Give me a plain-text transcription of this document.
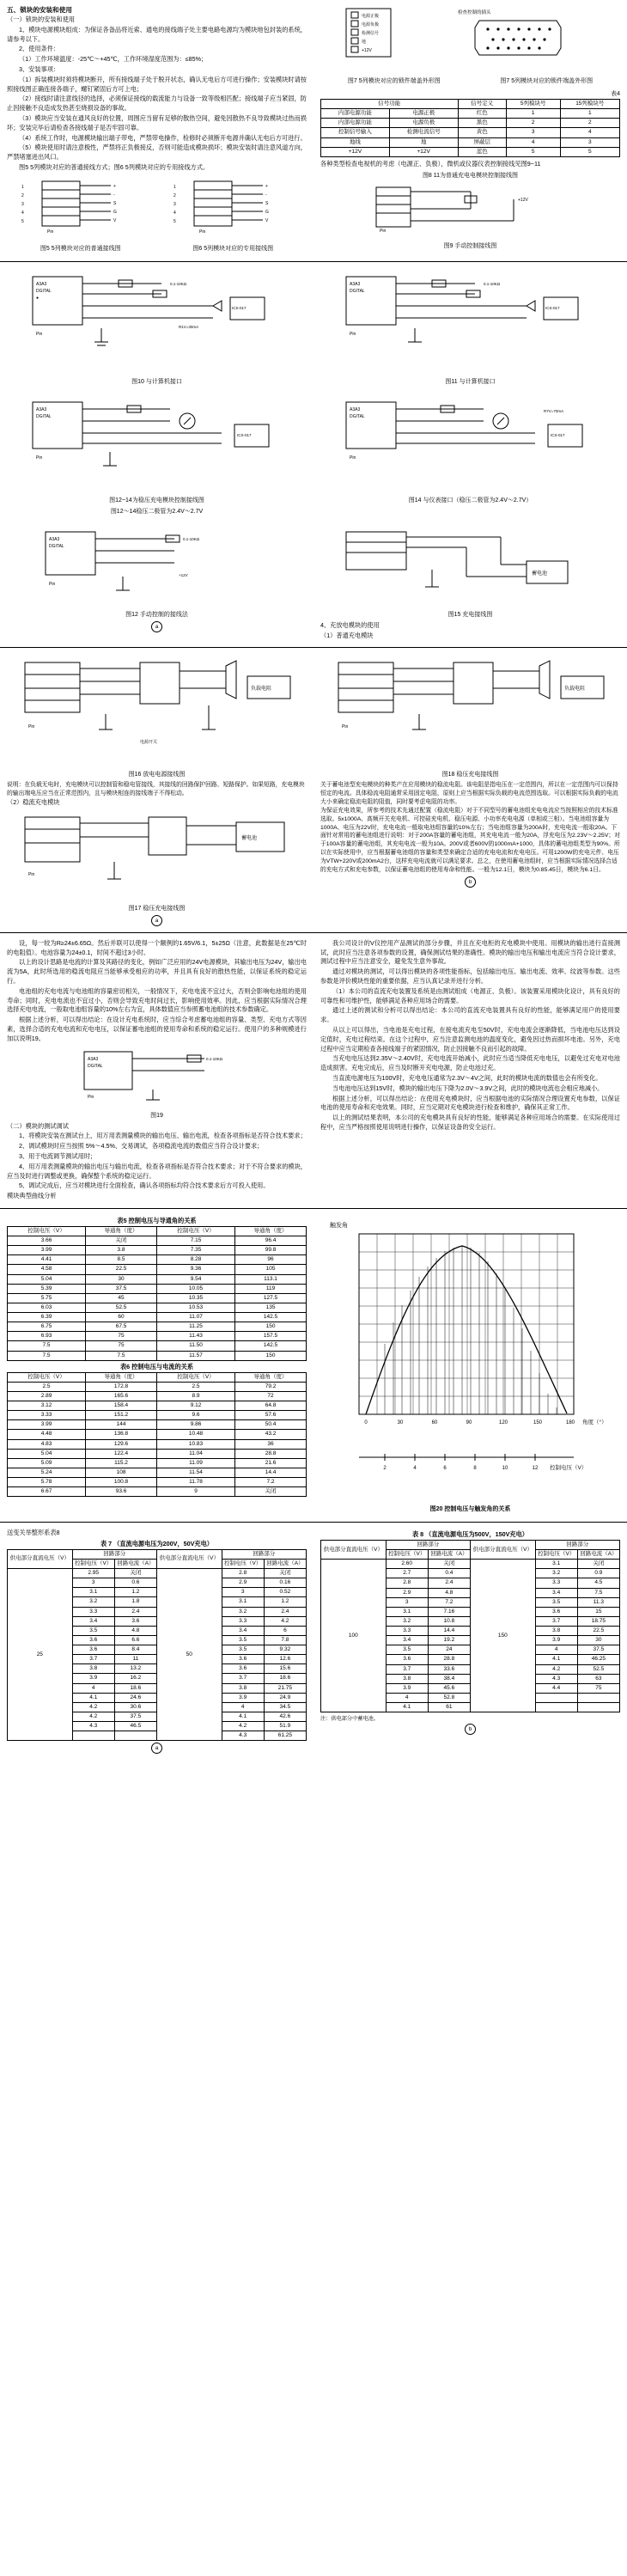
五、锁块的安装和使用
（一）锁块的安装和使用
1、模块电源模块组成：为保证各备品将近索、通电的接线端子处主要电路电源均为模块地包封装的系统，请参考以下。
2、使用条件：
（1）工作环境温度：-25℃～+45℃，工作环境湿度范围为：≤85%；
3、安装事项：
（1）拆装模块时须将模块断开，所有接线端子处于脱开状态，确认无电后方可进行操作；安装模块时请按照接线图正确连接各端子，螺钉紧固后方可上电；
（2）接线时请注意线径的选择，必须保证接线的载流能力与设备一致等级相匹配；接线端子应当紧固，防止因接触不良造成发热甚至烧损设备的事故。
（3）模块应当安装在通风良好的位置，周围应当留有足够的散热空间，避免因散热不良导致模块过热而损坏；安装完毕后请检查各接线端子是否牢固可靠。
（4）系统工作时，电源模块输出端子带电，严禁带电操作，检修时必须断开电源并确认无电后方可进行。
（5）模块使用时请注意极性，严禁将正负极接反，否则可能造成模块损坏；模块安装时请注意风道方向，严禁堵塞进出风口。
图5 5列模块对应的普通接线方式；图6 5列模块对应的专用接线方式。
1
2
3
4
5
+
-
S
G
V
Pin
1
2
3
4
5
+
-
S
G
V
Pin
图5 5列模块对应的普通接线图	图6 5列模块对应的专用接线图
电源正极
电源负极
检测信号
地
+12V
检查控制的插头
图7 5列模块对应的锁件端盖外形图	图7 5列模块对应的锁件端盖外形图
表4
信号功能		信号定义	5列模块号	15列模块号
内部电源功能	电源正极	红色	1	1
内部电源功能	电源负极	黑色	2	2
控制信号输入	检测电流信号	黄色	3	4
地线	地	屏蔽层	4	3
+12V	+12V	蓝色	5	5
各种类型检查电视机的考虑（电源正、负极），微机或仪器仪表控制接线见图9~11
图8 11为普通充电电模块控制接线图
+12V
Pin
图9 手动控制接线图
A3A3
DGITAL
●
0.1-10KΩ
ICS-017
Pin
R1V=30mA
图10 与计算机接口
A3A3
DGITAL
0.1-10KΩ
ICS-017
Pin
图11 与计算机接口
A3A3
DGITAL
ICS-017
Pin
图12~14为稳压充电模块控制接线图
图12～14稳压二极管为2.4V～2.7V
A3A3
DGITAL
ICS-017
Pin
R7V=70mA
图14 与仪表接口（稳压二极管为2.4V～2.7V）
A3A3
DGITAL
0.1-10KΩ
Pin
+12V
图12 手动控制的接线法
a
蓄电池
图15 充电接线图
4、充放电模块的使用
（1）普通充电模块
负载电阻
Pin
电源开关
图16 放电电源接线图
说明：在负载无电时，充电模块可以控制管和稳电管接线，其接线的回路保护回路、短路保护。如果短路，充电模块的输出端电压应当在正常范围内，且与模块相连的接线端子不得松动。
（2）稳流充电模块
蓄电池
Pin
图17 稳压充电接线图
a
负载电阻
Pin
图18 稳压充电接线图
关于蓄电池型充电模块的种类产在应用模块的稳流电阻。该电阻是指电压在一定范围内，所以在一定范围内可以保持恒定的电流。具体稳流电阻通常采用固定电阻，原则上应当根据实际负载的电流范围选取。可以根据实际负载的电流大小来确定稳流电阻的阻值，同时要考虑电阻的功率。
为保证充电效果，所参考的技术先通过配置（稳流电阻）对于不同型号的蓄电池组充电电流应当按照相应的技术标准选取。5x1000A、高频开关充电机、可控硅充电机、稳压电源、小功率充电电源（单相或三相）。当电池组容量为1000A、电压为22V时，充电电流一般取电池组容量的10%左右；当电池组容量为200A时，充电电流一般取20A。下面针对常用的蓄电池组进行说明：对于200A容量的蓄电池组，其充电电流一般为20A，浮充电压为2.23V～2.25V；对于100A容量的蓄电池组，其充电电流一般为10A。200V或者600V的1000mA+1000，具体的蓄电池组类型为90%。所以在实际使用中，应当根据蓄电池组的容量和类型来确定合适的充电电流和充电电压。可用1200W的充电元件、电压为VTW+220V或200mA2台，这样充电电流就可以满足要求。总之，在使用蓄电池组时，应当根据实际情况选择合适的充电方式和充电参数，以保证蓄电池组的使用寿命和性能。一般为12.1日，模块为0.85.45日，模块为6.1日。
b
设，每一较为R≥24±6.65Ω。然后并联可以使得一个额例的1.65V/6.1，5±25Ω（注意，此数据是在25℃时的电阻值）。电池容量为24±0.1，时间不超过3小时。
以上的设计思路是电流的计算及其路径的变化，例如广泛应用的24V电源模块，其输出电压为24V，输出电流为5A，此时所选用的稳流电阻应当能够承受相应的功率，并且具有良好的散热性能，以保证系统的稳定运行。
电池组的充电电流与电池组的容量密切相关，一般情况下，充电电流不宜过大，否则会影响电池组的使用寿命；同时，充电电流也不宜过小，否则会导致充电时间过长，影响使用效率。因此，应当根据实际情况合理选择充电电流，一般取电池组容量的10%左右为宜，具体数值应当参照蓄电池组的技术参数确定。
根据上述分析，可以得出结论：在设计充电系统时，应当综合考虑蓄电池组的容量、类型、充电方式等因素，选择合适的充电电流和充电电压，以保证蓄电池组的使用寿命和系统的稳定运行。使用户的多种规模进行加以说明19。
A3A3
DGITAL
0.1-10KΩ
Pin
图19
（二）模块的测试调试
1、将模块安装在测试台上，用万用表测量模块的输出电压、输出电流，检查各项指标是否符合技术要求；
2、调试模块时应当按照 5%～4.5%、交易调试，各项稳流电流的数值应当符合设计要求；
3、用于电流调节测试用时；
4、用万用表测量模块的输出电压与输出电流，检查各项指标是否符合技术要求；对于不符合要求的模块，应当及时进行调整或更换，确保整个系统的稳定运行。
5、调试完成后，应当对模块进行全面检查，确认各项指标均符合技术要求后方可投入使用。
模块典型曲线分析
我公司设计的V仪控用产品测试的部分步骤，并且在充电柜的充电模块中使用。用模块的输出进行直接测试，此时应当注意各项参数的设置，确保测试结果的准确性。模块的输出电压和输出电流应当符合设计要求，测试过程中应当注意安全，避免发生意外事故。
通过对模块的测试，可以得出模块的各项性能指标，包括输出电压、输出电流、效率、纹波等参数。这些参数是评价模块性能的重要依据，应当认真记录并进行分析。
（1）本公司的直流充电装置及系统是由测试组成（电源正、负极）。该装置采用模块化设计，具有良好的可靠性和可维护性，能够满足各种应用场合的需要。
通过上述的测试和分析可以得出结论：本公司的直流充电装置具有良好的性能，能够满足用户的使用要求。
从以上可以得出，当电池是充电过程，在接电流充电至50V时，充电电流会逐渐降低，当电池电压达到设定值时，充电过程结束。在这个过程中，应当注意监测电池的温度变化，避免因过热而损坏电池。另外，充电过程中应当定期检查各接线端子的紧固情况，防止因接触不良而引起的故障。
当充电电压达到2.35V～2.40V时，充电电流开始减小，此时应当适当降低充电电压，以避免过充电对电池造成损害。充电完成后，应当及时断开充电电源，防止电池过充。
当直流电源电压为100V时，充电电压通常为2.3V～4V之间，此时的模块电流的数值也会有所变化。
当电池电压达到15V时，模块的输出电压下降为2.0V～3.9V之间，此时的模块电流也会相应地减小。
根据上述分析，可以得出结论：在使用充电模块时，应当根据电池的实际情况合理设置充电参数，以保证电池的使用寿命和充电效果。同时，应当定期对充电模块进行检查和维护，确保其正常工作。
以上的测试结果表明，本公司的充电模块具有良好的性能，能够满足各种应用场合的需要。在实际使用过程中，应当严格按照使用说明进行操作，以保证设备的安全运行。
表5 控制电压与导通角的关系
控制电压（V）	导通角（度）	控制电压（V）	导通角（度）
3.66	关闭	7.15	96.4
3.99	3.8	7.35	99.8
4.41	8.5	8.28	96
4.58	22.5	9.36	105
5.04	30	9.54	113.1
5.39	37.5	10.05	119
5.75	45	10.35	127.5
6.03	52.5	10.53	135
6.39	60	11.07	142.5
6.75	67.5	11.25	150
6.93	75	11.43	157.5
7.5	75	11.50	142.5
7.5	7.5	11.57	150
表6 控制电压与电流的关系
控制电压（V）	导通角（度）	控制电压（V）	导通角（度）
2.5	172.8	2.5	79.2
2.89	165.6	8.9	72
3.12	158.4	9.12	64.8
3.33	151.2	9.6	57.6
3.99	144	9.86	50.4
4.48	136.8	10.48	43.2
4.83	129.6	10.83	36
5.04	122.4	11.04	28.8
5.09	115.2	11.09	21.6
5.24	108	11.54	14.4
5.78	100.8	11.78	7.2
6.67	93.6	9	关闭
触发角
0	30	60	90	120	150	180 角度（°）
2	4	6	8	10	12 控制电压（V）
图20 控制电压与触发角的关系
送变关举整形系表8
表 7 （直流电源电压为200V，50V充电）
供电部分直流电压（V）	回路部分		供电部分直流电压（V）	回路部分	
	控制电压（V）	回路电流（A）		控制电压（V）	回路电流（A）
25	2.95	关闭	50	2.8	关闭
	3	0.6		2.9	0.16
	3.1	1.2		3	0.52
	3.2	1.8		3.1	1.2
	3.3	2.4		3.2	2.4
	3.4	3.6		3.3	4.2
	3.5	4.8		3.4	6
	3.6	6.6		3.5	7.8
	3.6	8.4		3.5	9.32
	3.7	11		3.6	12.6
	3.8	13.2		3.6	15.6
	3.9	16.2		3.7	18.6
	4	18.6		3.8	21.75
	4.1	24.6		3.9	24.9
	4.2	30.6		4	34.5
	4.2	37.5		4.1	42.6
	4.3	46.5		4.2	51.9
				4.3	61.25
a
表 8 （直流电源电压为500V，150V充电）
供电部分直流电压（V）	回路部分		供电部分直流电压（V）	回路部分	
	控制电压（V）	回路电流（A）		控制电压（V）	回路电流（A）
100	2.60	关闭	150	3.1	关闭
	2.7	0.4		3.2	0.9
	2.8	2.4		3.3	4.5
	2.9	4.8		3.4	7.5
	3	7.2		3.5	11.3
	3.1	7.16		3.6	15
	3.2	10.8		3.7	18.75
	3.3	14.4		3.8	22.5
	3.4	19.2		3.9	30
	3.5	24		4	37.5
	3.6	28.8		4.1	46.25
	3.7	33.6		4.2	52.5
	3.8	38.4		4.3	63
	3.9	45.6		4.4	75
	4	52.8			
	4.1	61			
注：供电部分中蓄电池。
b
